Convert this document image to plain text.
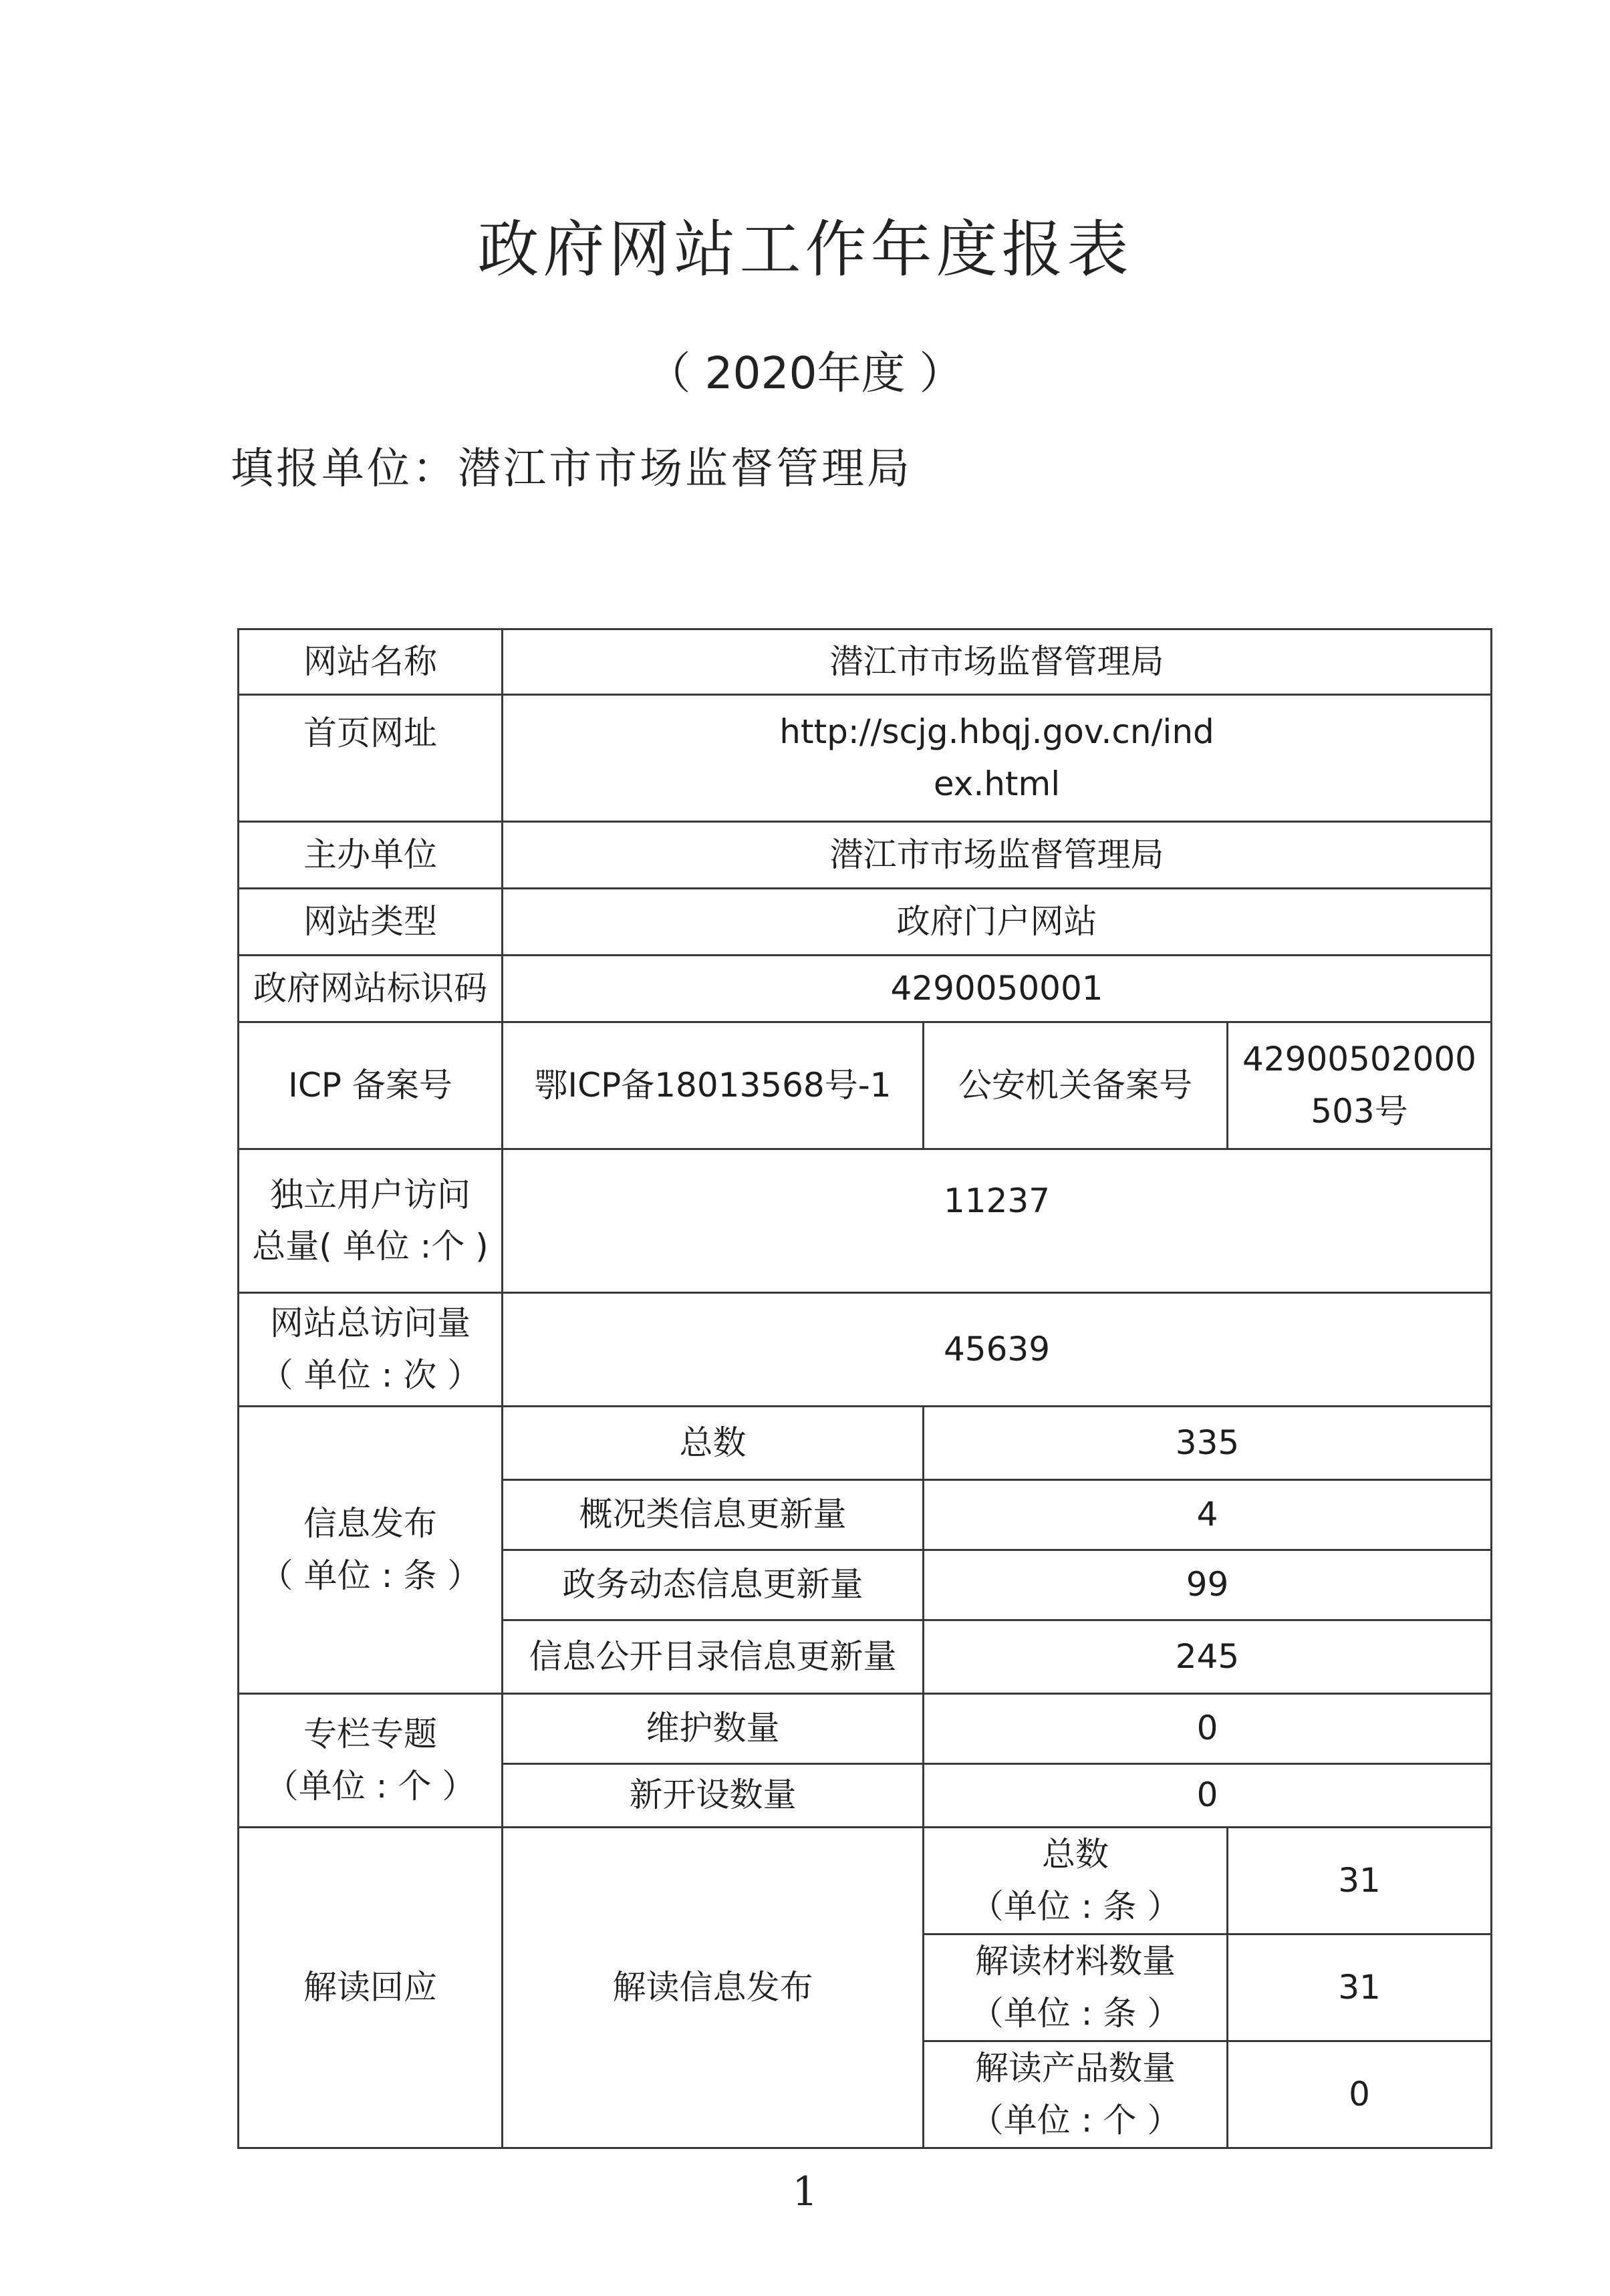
政府网站工作年度报表
（ 2020年度 ）
填报单位：潜江市市场监督管理局
网站名称	潜江市市场监督管理局		
首页网址	http://scjg.hbqj.gov.cn/ind
ex.html		

主办单位	潜江市市场监督管理局		
网站类型	政府门户网站		
政府网站标识码	4290050001		
ICP 备案号	鄂ICP备18013568号-1	公安机关备案号	42900502000
503号

独立用户访问
总量( 单位 :个 )	11237		

网站总访问量
（ 单位 : 次 ）	45639		

信息发布
（ 单位 : 条 ）	总数	335	
	概况类信息更新量	4	
	政务动态信息更新量	99	
	信息公开目录信息更新量	245	

专栏专题
（单位 : 个 ）	维护数量	0	
	新开设数量	0	
解读回应	解读信息发布	总数
（单位 : 条 ）	31

		解读材料数量
（单位 : 条 ）	31

		解读产品数量
（单位 : 个 ）	0
1
